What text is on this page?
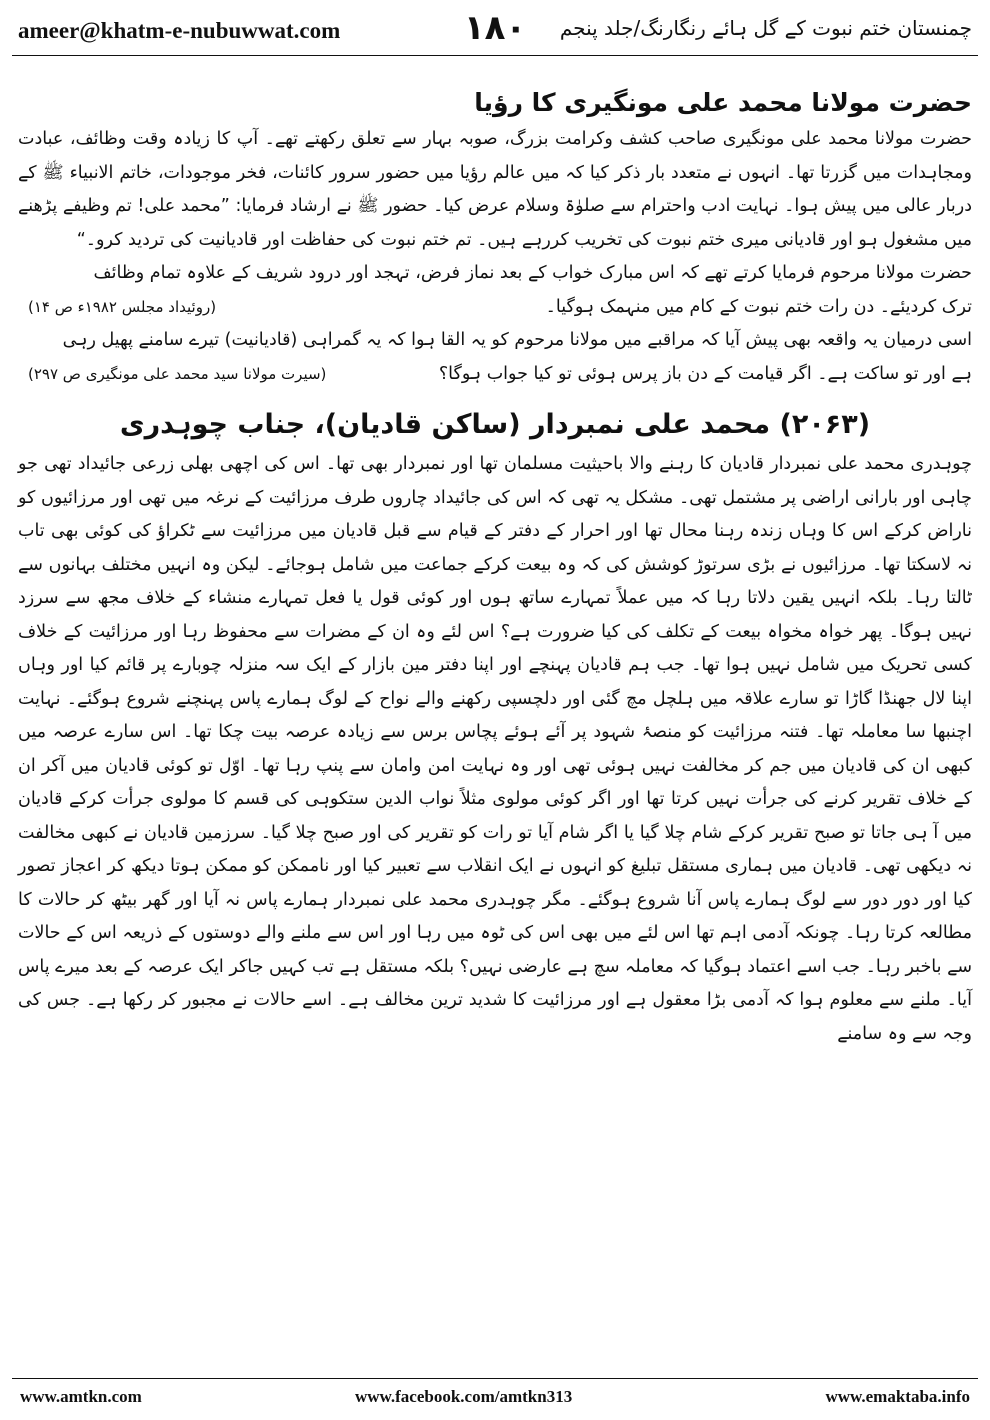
ameer@khatm-e-nubuwwat.com	۱۸۰	چمنستان ختم نبوت کے گل ہائے رنگارنگ/جلد پنجم
حضرت مولانا محمد علی مونگیری کا رؤیا

حضرت مولانا محمد علی مونگیری صاحب کشف وکرامت بزرگ، صوبہ بہار سے تعلق رکھتے تھے۔ آپ کا زیادہ وقت وظائف، عبادت ومجاہدات میں گزرتا تھا۔ انہوں نے متعدد بار ذکر کیا کہ میں عالم رؤیا میں حضور سرور کائنات، فخر موجودات، خاتم الانبیاء ﷺ کے دربار عالی میں پیش ہوا۔ نہایت ادب واحترام سے صلوٰۃ وسلام عرض کیا۔ حضور ﷺ نے ارشاد فرمایا: ”محمد علی! تم وظیفے پڑھنے میں مشغول ہو اور قادیانی میری ختم نبوت کی تخریب کررہے ہیں۔ تم ختم نبوت کی حفاظت اور قادیانیت کی تردید کرو۔“

حضرت مولانا مرحوم فرمایا کرتے تھے کہ اس مبارک خواب کے بعد نماز فرض، تہجد اور درود شریف کے علاوہ تمام وظائف

ترک کردیئے۔ دن رات ختم نبوت کے کام میں منہمک ہوگیا۔
(روئیداد مجلس ۱۹۸۲ء ص ۱۴)

اسی درمیان یہ واقعہ بھی پیش آیا کہ مراقبے میں مولانا مرحوم کو یہ القا ہوا کہ یہ گمراہی (قادیانیت) تیرے سامنے پھیل رہی

ہے اور تو ساکت ہے۔ اگر قیامت کے دن باز پرس ہوئی تو کیا جواب ہوگا؟
(سیرت مولانا سید محمد علی مونگیری ص ۲۹۷)
(۲۰۶۳) محمد علی نمبردار (ساکن قادیان)، جناب چوہدری

چوہدری محمد علی نمبردار قادیان کا رہنے والا باحیثیت مسلمان تھا اور نمبردار بھی تھا۔ اس کی اچھی بھلی زرعی جائیداد تھی جو چاہی اور بارانی اراضی پر مشتمل تھی۔ مشکل یہ تھی کہ اس کی جائیداد چاروں طرف مرزائیت کے نرغہ میں تھی اور مرزائیوں کو ناراض کرکے اس کا وہاں زندہ رہنا محال تھا اور احرار کے دفتر کے قیام سے قبل قادیان میں مرزائیت سے ٹکراؤ کی کوئی بھی تاب نہ لاسکتا تھا۔ مرزائیوں نے بڑی سرتوڑ کوشش کی کہ وہ بیعت کرکے جماعت میں شامل ہوجائے۔ لیکن وہ انہیں مختلف بہانوں سے ٹالتا رہا۔ بلکہ انہیں یقین دلاتا رہا کہ میں عملاً تمہارے ساتھ ہوں اور کوئی قول یا فعل تمہارے منشاء کے خلاف مجھ سے سرزد نہیں ہوگا۔ پھر خواہ مخواہ بیعت کے تکلف کی کیا ضرورت ہے؟ اس لئے وہ ان کے مضرات سے محفوظ رہا اور مرزائیت کے خلاف کسی تحریک میں شامل نہیں ہوا تھا۔ جب ہم قادیان پہنچے اور اپنا دفتر مین بازار کے ایک سہ منزلہ چوبارے پر قائم کیا اور وہاں اپنا لال جھنڈا گاڑا تو سارے علاقہ میں ہلچل مچ گئی اور دلچسپی رکھنے والے نواح کے لوگ ہمارے پاس پہنچنے شروع ہوگئے۔ نہایت اچنبھا سا معاملہ تھا۔ فتنہ مرزائیت کو منصۂ شہود پر آئے ہوئے پچاس برس سے زیادہ عرصہ بیت چکا تھا۔ اس سارے عرصہ میں کبھی ان کی قادیان میں جم کر مخالفت نہیں ہوئی تھی اور وہ نہایت امن وامان سے پنپ رہا تھا۔ اوّل تو کوئی قادیان میں آکر ان کے خلاف تقریر کرنے کی جرأت نہیں کرتا تھا اور اگر کوئی مولوی مثلاً نواب الدین ستکوہی کی قسم کا مولوی جرأت کرکے قادیان میں آ ہی جاتا تو صبح تقریر کرکے شام چلا گیا یا اگر شام آیا تو رات کو تقریر کی اور صبح چلا گیا۔ سرزمین قادیان نے کبھی مخالفت نہ دیکھی تھی۔ قادیان میں ہماری مستقل تبلیغ کو انہوں نے ایک انقلاب سے تعبیر کیا اور ناممکن کو ممکن ہوتا دیکھ کر اعجاز تصور کیا اور دور دور سے لوگ ہمارے پاس آنا شروع ہوگئے۔ مگر چوہدری محمد علی نمبردار ہمارے پاس نہ آیا اور گھر بیٹھ کر حالات کا مطالعہ کرتا رہا۔ چونکہ آدمی اہم تھا اس لئے میں بھی اس کی ٹوہ میں رہا اور اس سے ملنے والے دوستوں کے ذریعہ اس کے حالات سے باخبر رہا۔ جب اسے اعتماد ہوگیا کہ معاملہ سچ ہے عارضی نہیں؟ بلکہ مستقل ہے تب کہیں جاکر ایک عرصہ کے بعد میرے پاس آیا۔ ملنے سے معلوم ہوا کہ آدمی بڑا معقول ہے اور مرزائیت کا شدید ترین مخالف ہے۔ اسے حالات نے مجبور کر رکھا ہے۔ جس کی وجہ سے وہ سامنے

www.amtkn.com	www.facebook.com/amtkn313	www.emaktaba.info
